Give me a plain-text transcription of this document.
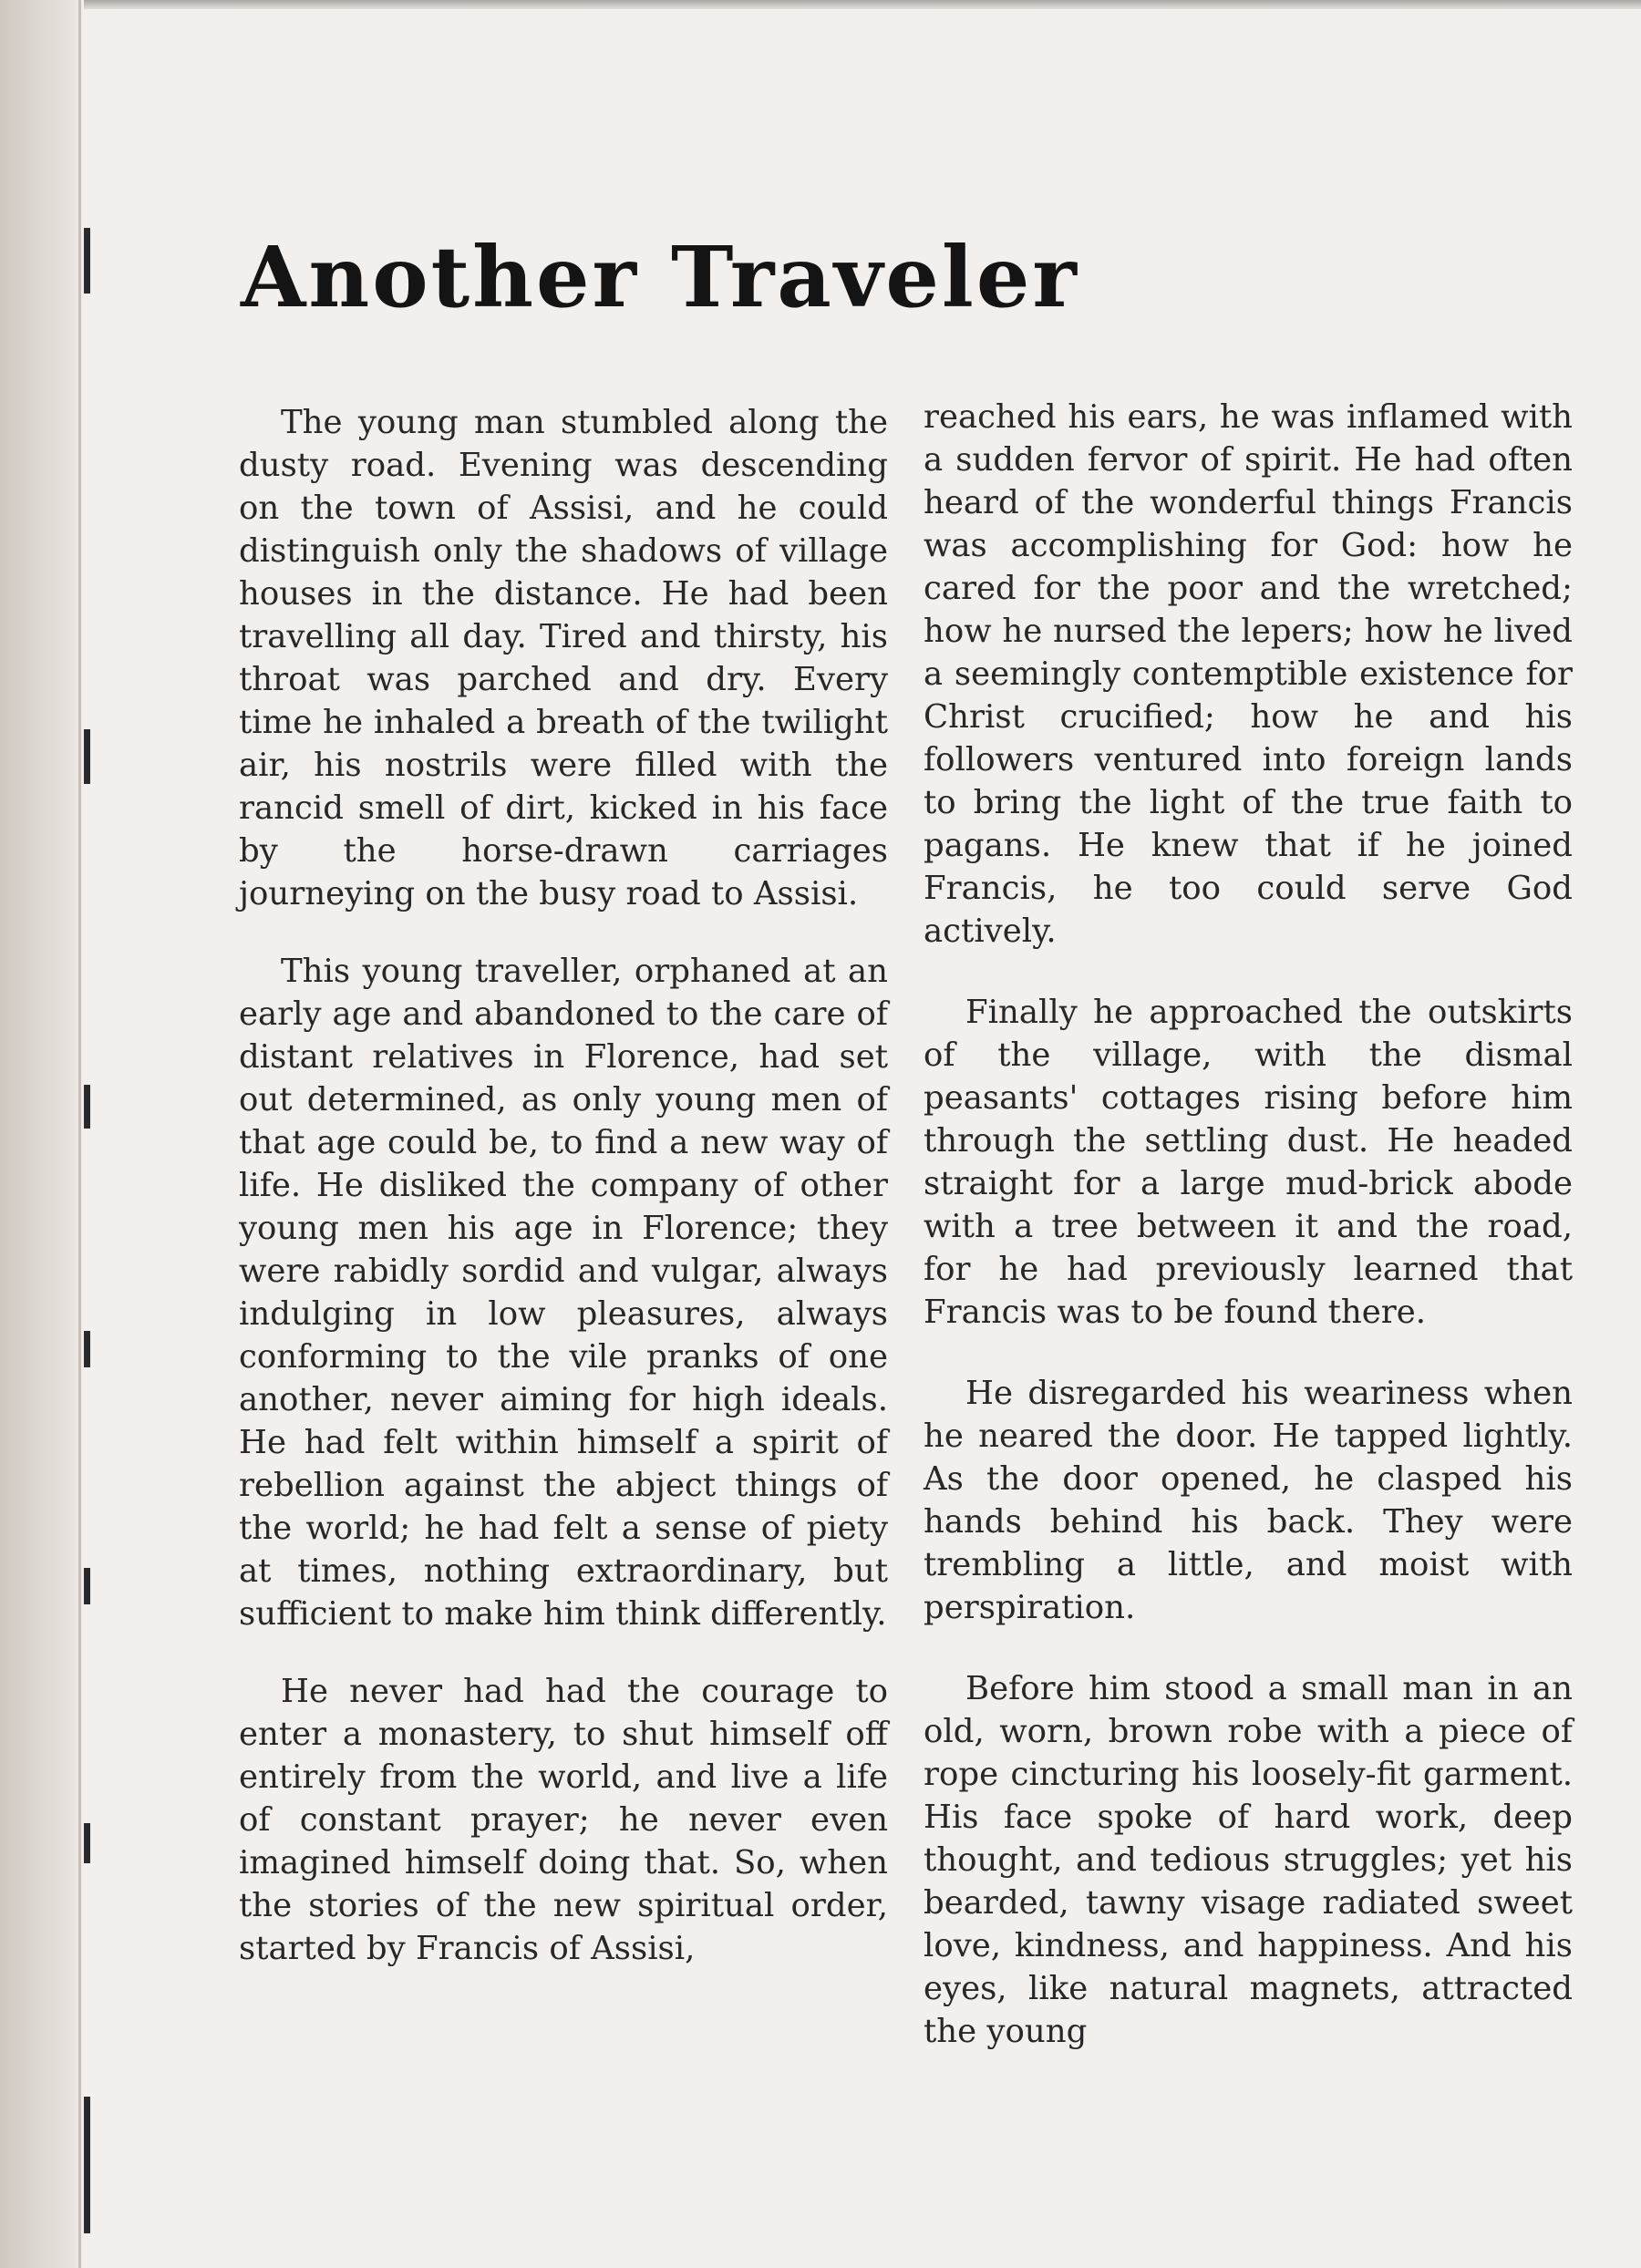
Another Traveler

The young man stumbled along the dusty road. Evening was descending on the town of Assisi, and he could distinguish only the shadows of village houses in the distance. He had been travelling all day. Tired and thirsty, his throat was parched and dry. Every time he inhaled a breath of the twilight air, his nostrils were filled with the rancid smell of dirt, kicked in his face by the horse-drawn carriages journeying on the busy road to Assisi.

This young traveller, orphaned at an early age and abandoned to the care of distant relatives in Florence, had set out determined, as only young men of that age could be, to find a new way of life. He disliked the company of other young men his age in Florence; they were rabidly sordid and vulgar, always indulging in low pleasures, always conforming to the vile pranks of one another, never aiming for high ideals. He had felt within himself a spirit of rebellion against the abject things of the world; he had felt a sense of piety at times, nothing extraordinary, but sufficient to make him think differently.

He never had had the courage to enter a monastery, to shut himself off entirely from the world, and live a life of constant prayer; he never even imagined himself doing that. So, when the stories of the new spiritual order, started by Francis of Assisi,

reached his ears, he was inflamed with a sudden fervor of spirit. He had often heard of the wonderful things Francis was accomplishing for God: how he cared for the poor and the wretched; how he nursed the lepers; how he lived a seemingly contemptible existence for Christ crucified; how he and his followers ventured into foreign lands to bring the light of the true faith to pagans. He knew that if he joined Francis, he too could serve God actively.

Finally he approached the outskirts of the village, with the dismal peasants' cottages rising before him through the settling dust. He headed straight for a large mud-brick abode with a tree between it and the road, for he had previously learned that Francis was to be found there.

He disregarded his weariness when he neared the door. He tapped lightly. As the door opened, he clasped his hands behind his back. They were trembling a little, and moist with perspiration.

Before him stood a small man in an old, worn, brown robe with a piece of rope cincturing his loosely-fit garment. His face spoke of hard work, deep thought, and tedious struggles; yet his bearded, tawny visage radiated sweet love, kindness, and happiness. And his eyes, like natural magnets, attracted the young
